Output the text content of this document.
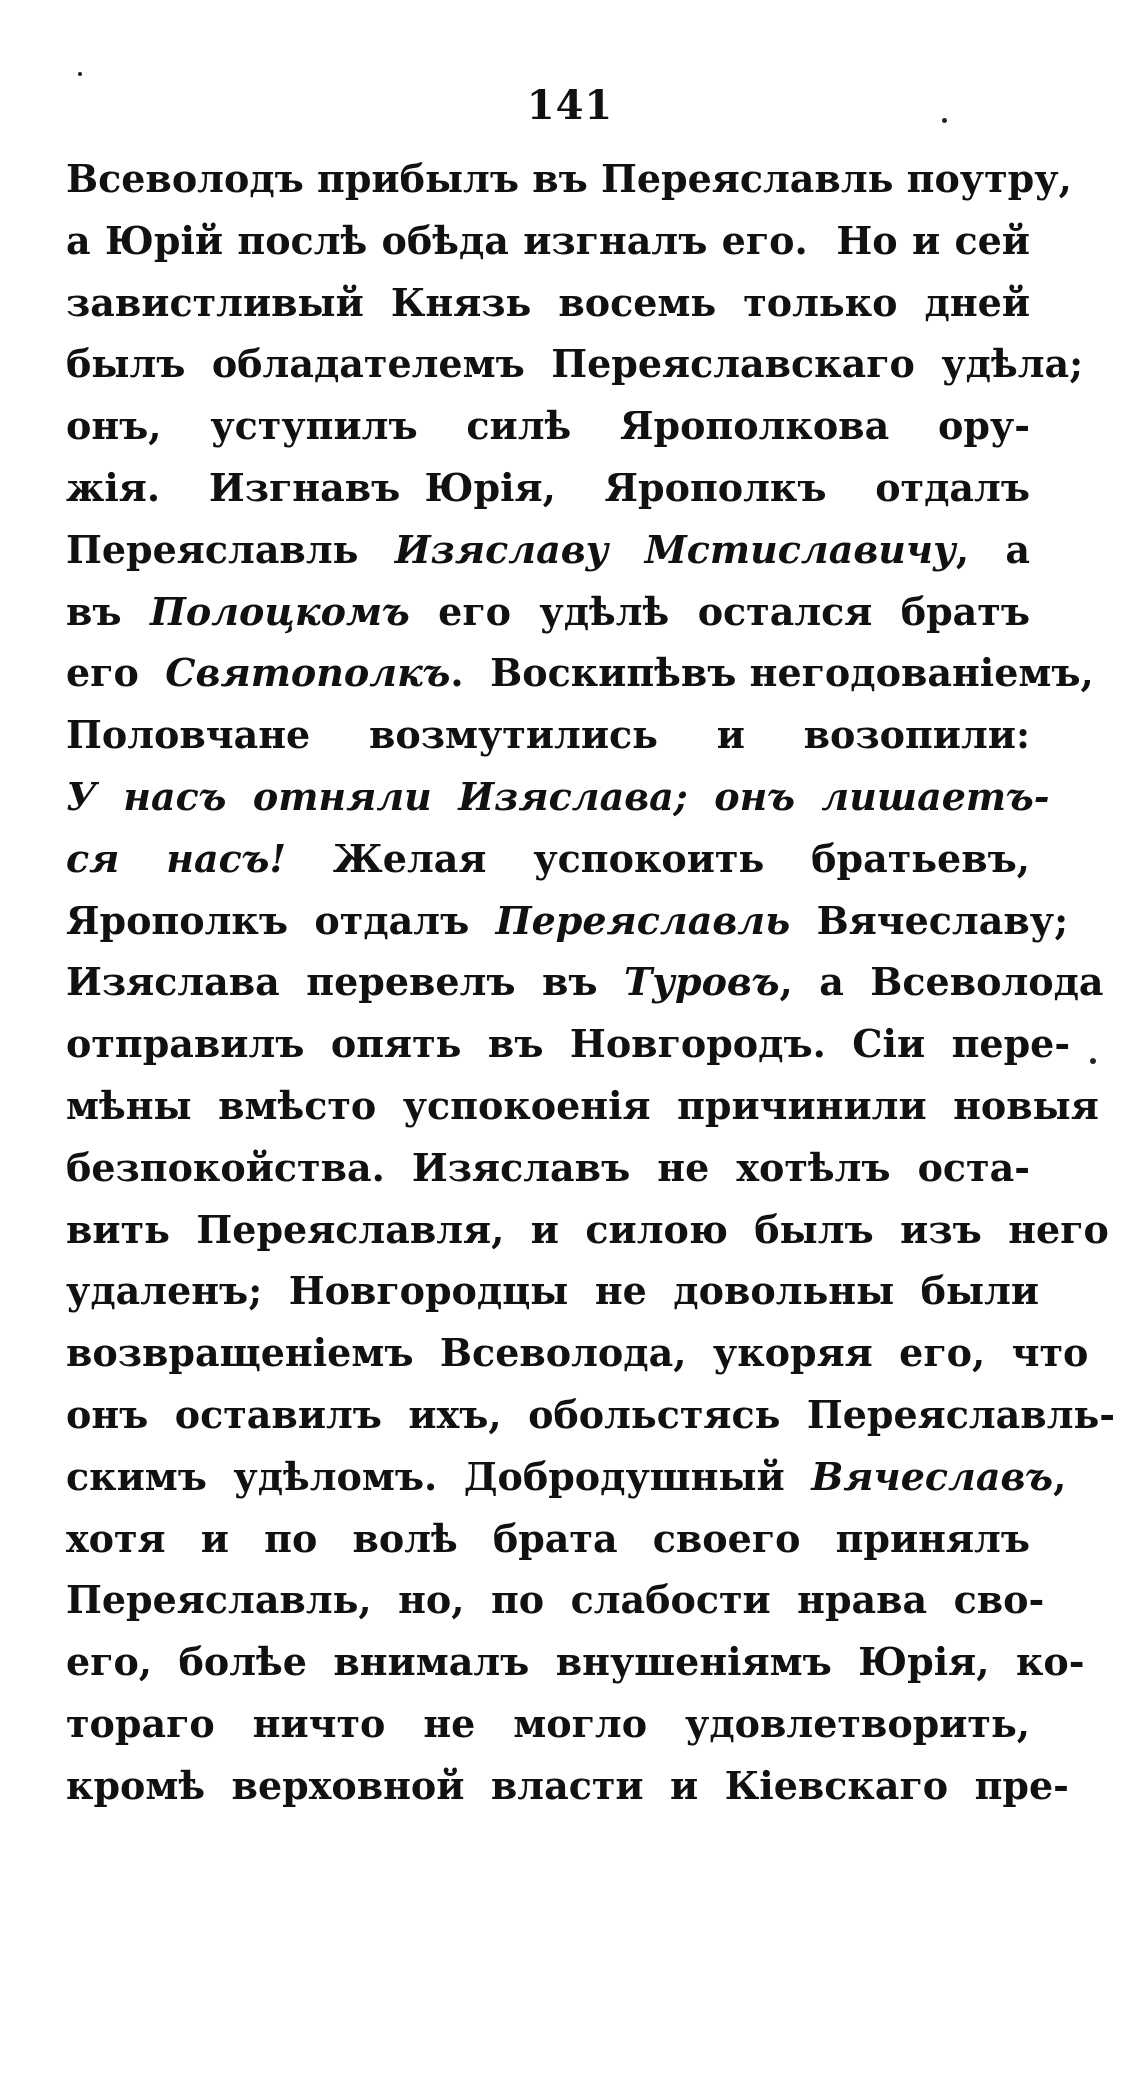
141
Всеволодъ прибылъ въ Переяславль поутру,
а Юрій послѣ обѣда изгналъ его.  Но и сей
завистливый  Князь  восемь  только  дней
былъ  обладателемъ  Переяславскаго  удѣла;
онъ,  уступилъ  силѣ  Ярополкова  ору-
жія.  Изгнавъ Юрія,  Ярополкъ  отдалъ
Переяславль  Изяславу  Мстиславичу,  а
въ  Полоцкомъ  его  удѣлѣ  остался  братъ
его  Святополкъ.  Воскипѣвъ негодованіемъ,
Половчане  возмутились  и  возопили:
У  насъ  отняли  Изяслава;  онъ  лишаетъ-
ся  насъ!  Желая  успокоить  братьевъ,
Ярополкъ  отдалъ  Переяславль  Вячеславу;
Изяслава  перевелъ  въ  Туровъ,  а  Всеволода
отправилъ  опять  въ  Новгородъ.  Сіи  пере-
мѣны  вмѣсто  успокоенія  причинили  новыя
безпокойства.  Изяславъ  не  хотѣлъ  оста-
вить  Переяславля,  и  силою  былъ  изъ  него
удаленъ;  Новгородцы  не  довольны  были
возвращеніемъ  Всеволода,  укоряя  его,  что
онъ  оставилъ  ихъ,  обольстясь  Переяславль-
скимъ  удѣломъ.  Добродушный  Вячеславъ,
хотя  и  по  волѣ  брата  своего  принялъ
Переяславль,  но,  по  слабости  нрава  сво-
его,  болѣе  внималъ  внушеніямъ  Юрія,  ко-
тораго  ничто  не  могло  удовлетворить,
кромѣ  верховной  власти  и  Кіевскаго  пре-
